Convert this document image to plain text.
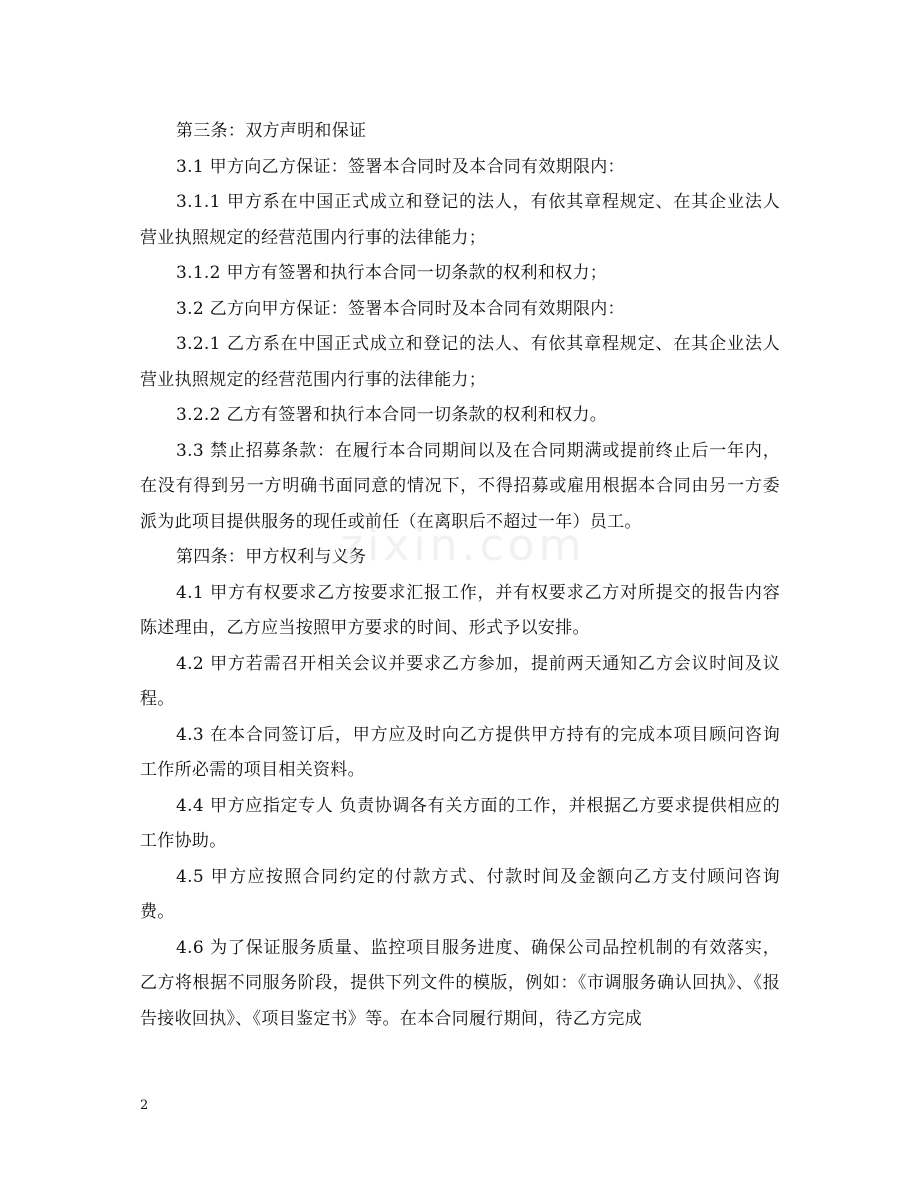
第三条：双方声明和保证

3.1 甲方向乙方保证：签署本合同时及本合同有效期限内：

3.1.1 甲方系在中国正式成立和登记的法人，有依其章程规定、在其企业法人营业执照规定的经营范围内行事的法律能力；

3.1.2 甲方有签署和执行本合同一切条款的权利和权力；

3.2 乙方向甲方保证：签署本合同时及本合同有效期限内：

3.2.1 乙方系在中国正式成立和登记的法人、有依其章程规定、在其企业法人营业执照规定的经营范围内行事的法律能力；

3.2.2 乙方有签署和执行本合同一切条款的权利和权力。

3.3 禁止招募条款：在履行本合同期间以及在合同期满或提前终止后一年内，在没有得到另一方明确书面同意的情况下，不得招募或雇用根据本合同由另一方委派为此项目提供服务的现任或前任（在离职后不超过一年）员工。

第四条：甲方权利与义务

4.1 甲方有权要求乙方按要求汇报工作，并有权要求乙方对所提交的报告内容陈述理由，乙方应当按照甲方要求的时间、形式予以安排。

4.2 甲方若需召开相关会议并要求乙方参加，提前两天通知乙方会议时间及议程。

4.3 在本合同签订后，甲方应及时向乙方提供甲方持有的完成本项目顾问咨询工作所必需的项目相关资料。

4.4 甲方应指定专人 负责协调各有关方面的工作，并根据乙方要求提供相应的工作协助。

4.5 甲方应按照合同约定的付款方式、付款时间及金额向乙方支付顾问咨询费。

4.6 为了保证服务质量、监控项目服务进度、确保公司品控机制的有效落实，乙方将根据不同服务阶段，提供下列文件的模版，例如：《市调服务确认回执》、《报告接收回执》、《项目鉴定书》等。在本合同履行期间，待乙方完成

zixin.com
2
